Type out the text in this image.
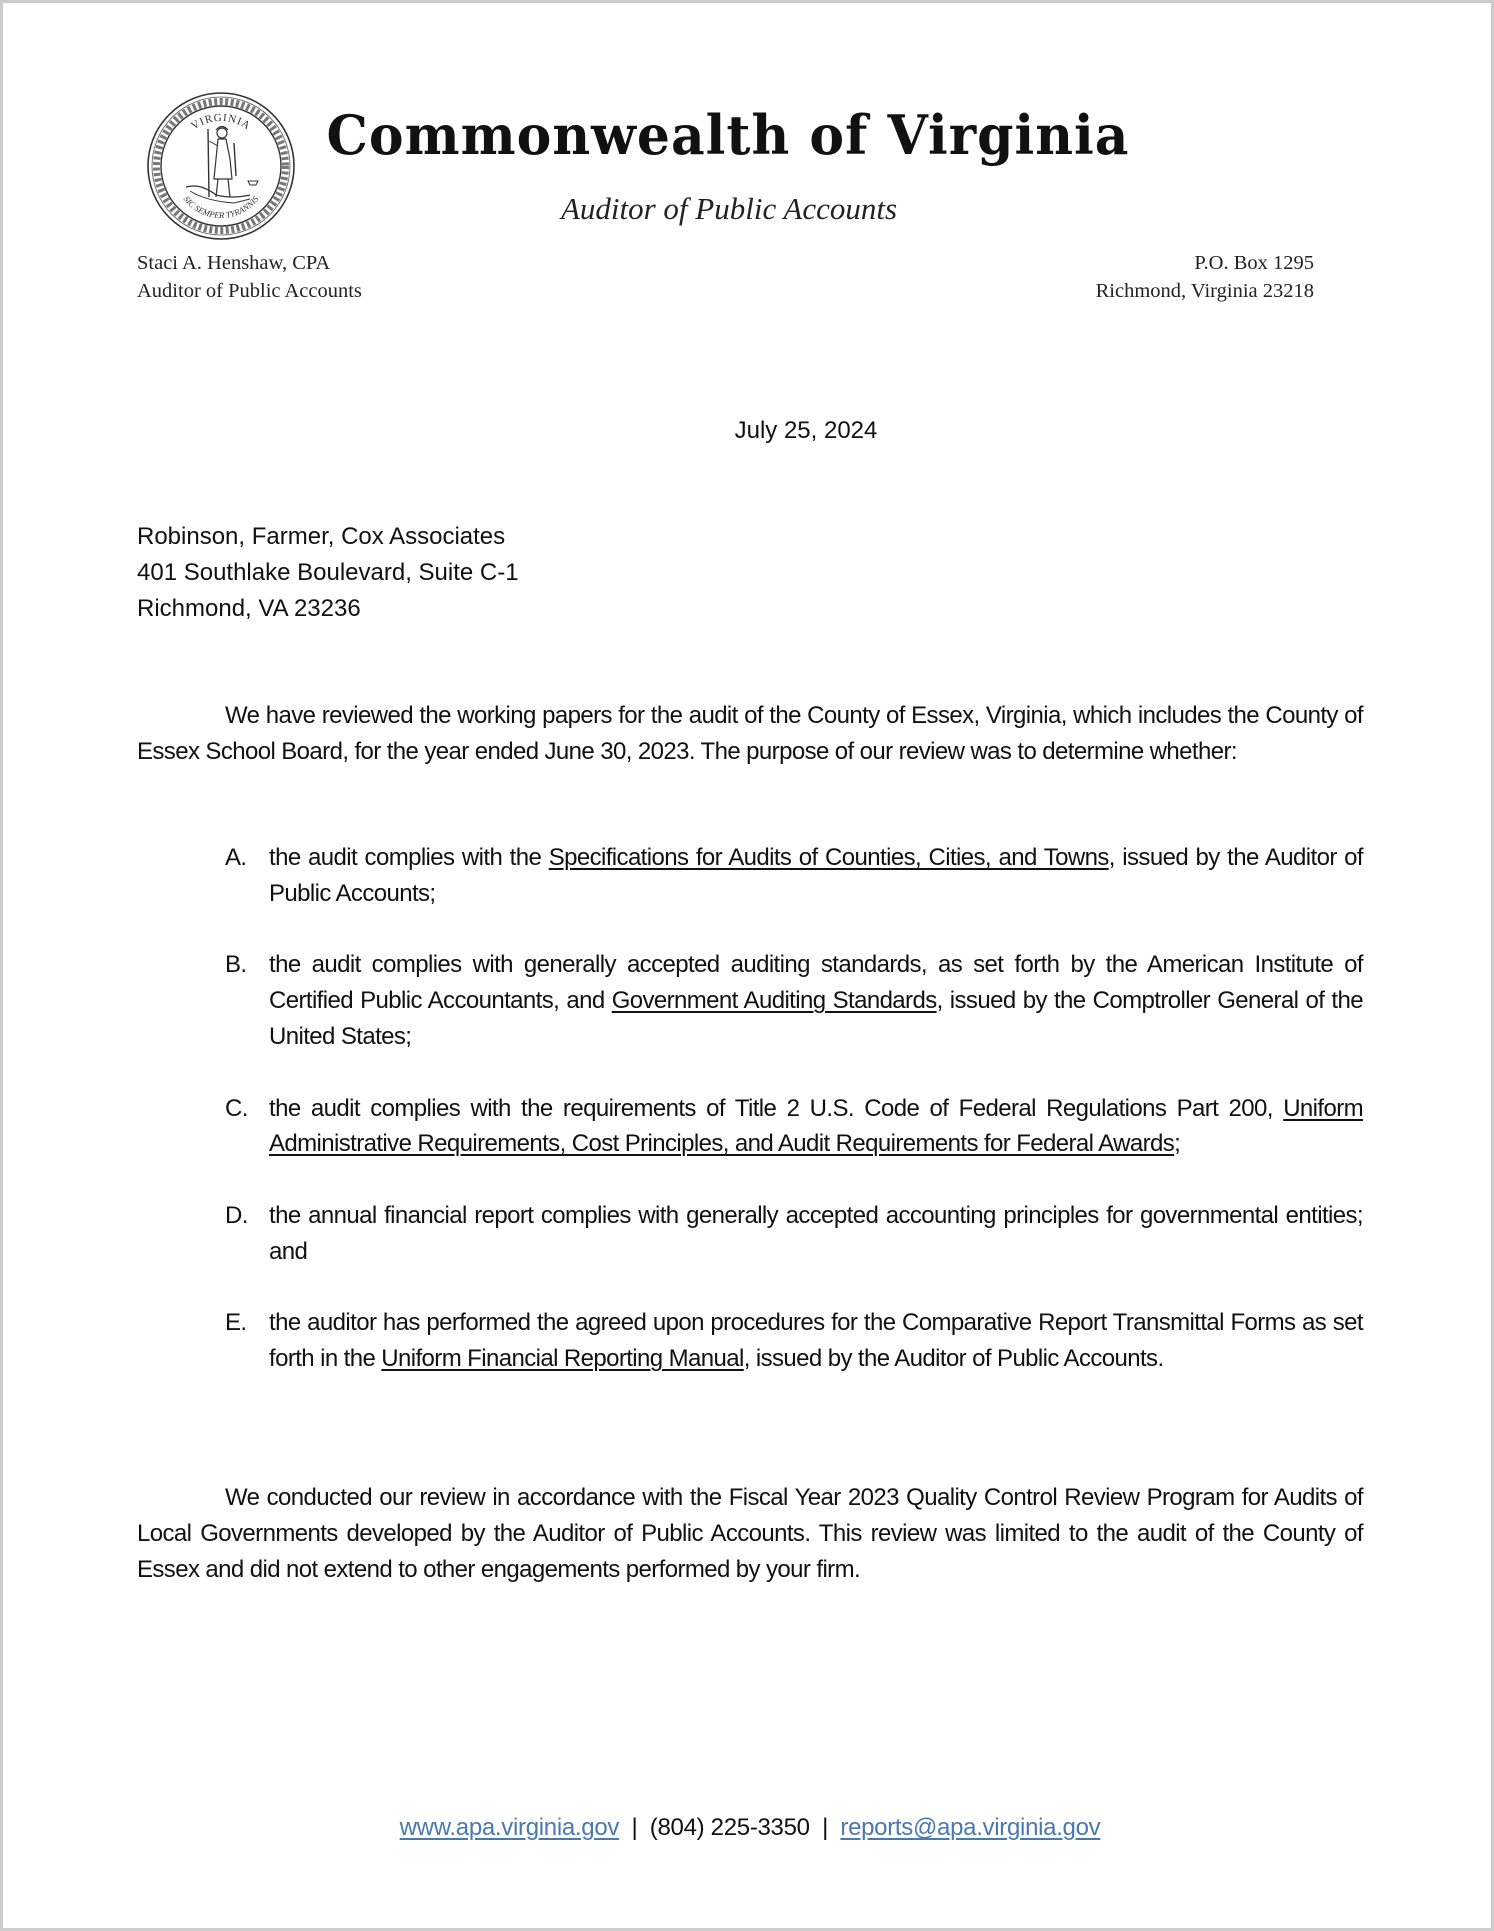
VIRGINIA
SIC SEMPER TYRANNIS
Commonwealth of Virginia
Auditor of Public Accounts
Staci A. Henshaw, CPA
Auditor of Public Accounts
P.O. Box 1295
Richmond, Virginia 23218
July 25, 2024
Robinson, Farmer, Cox Associates
401 Southlake Boulevard, Suite C-1
Richmond, VA 23236

We have reviewed the working papers for the audit of the County of Essex, Virginia, which includes the County of Essex School Board, for the year ended June 30, 2023. The purpose of our review was to determine whether:

A. the audit complies with the Specifications for Audits of Counties, Cities, and Towns, issued by the Auditor of Public Accounts;
B. the audit complies with generally accepted auditing standards, as set forth by the American Institute of Certified Public Accountants, and Government Auditing Standards, issued by the Comptroller General of the United States;
C. the audit complies with the requirements of Title 2 U.S. Code of Federal Regulations Part 200, Uniform Administrative Requirements, Cost Principles, and Audit Requirements for Federal Awards;
D. the annual financial report complies with generally accepted accounting principles for governmental entities; and
E. the auditor has performed the agreed upon procedures for the Comparative Report Transmittal Forms as set forth in the Uniform Financial Reporting Manual, issued by the Auditor of Public Accounts.

We conducted our review in accordance with the Fiscal Year 2023 Quality Control Review Program for Audits of Local Governments developed by the Auditor of Public Accounts. This review was limited to the audit of the County of Essex and did not extend to other engagements performed by your firm.

www.apa.virginia.gov | (804) 225-3350 | reports@apa.virginia.gov
